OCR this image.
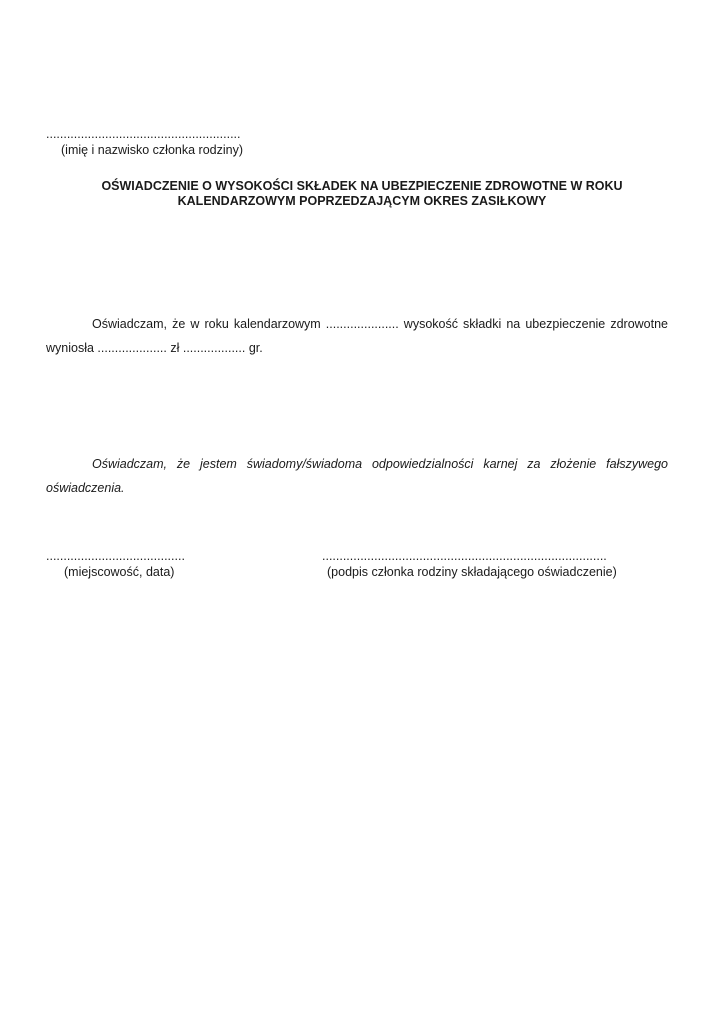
........................................................
(imię i nazwisko członka rodziny)
OŚWIADCZENIE O WYSOKOŚCI SKŁADEK NA UBEZPIECZENIE ZDROWOTNE W ROKU
KALENDARZOWYM POPRZEDZAJĄCYM OKRES ZASIŁKOWY
Oświadczam, że w roku kalendarzowym ..................... wysokość składki na ubezpieczenie zdrowotne wyniosła .................... zł .................. gr.
Oświadczam, że jestem świadomy/świadoma odpowiedzialności karnej za złożenie fałszywego oświadczenia.
........................................
(miejscowość, data)
..................................................................................
(podpis członka rodziny składającego oświadczenie)
